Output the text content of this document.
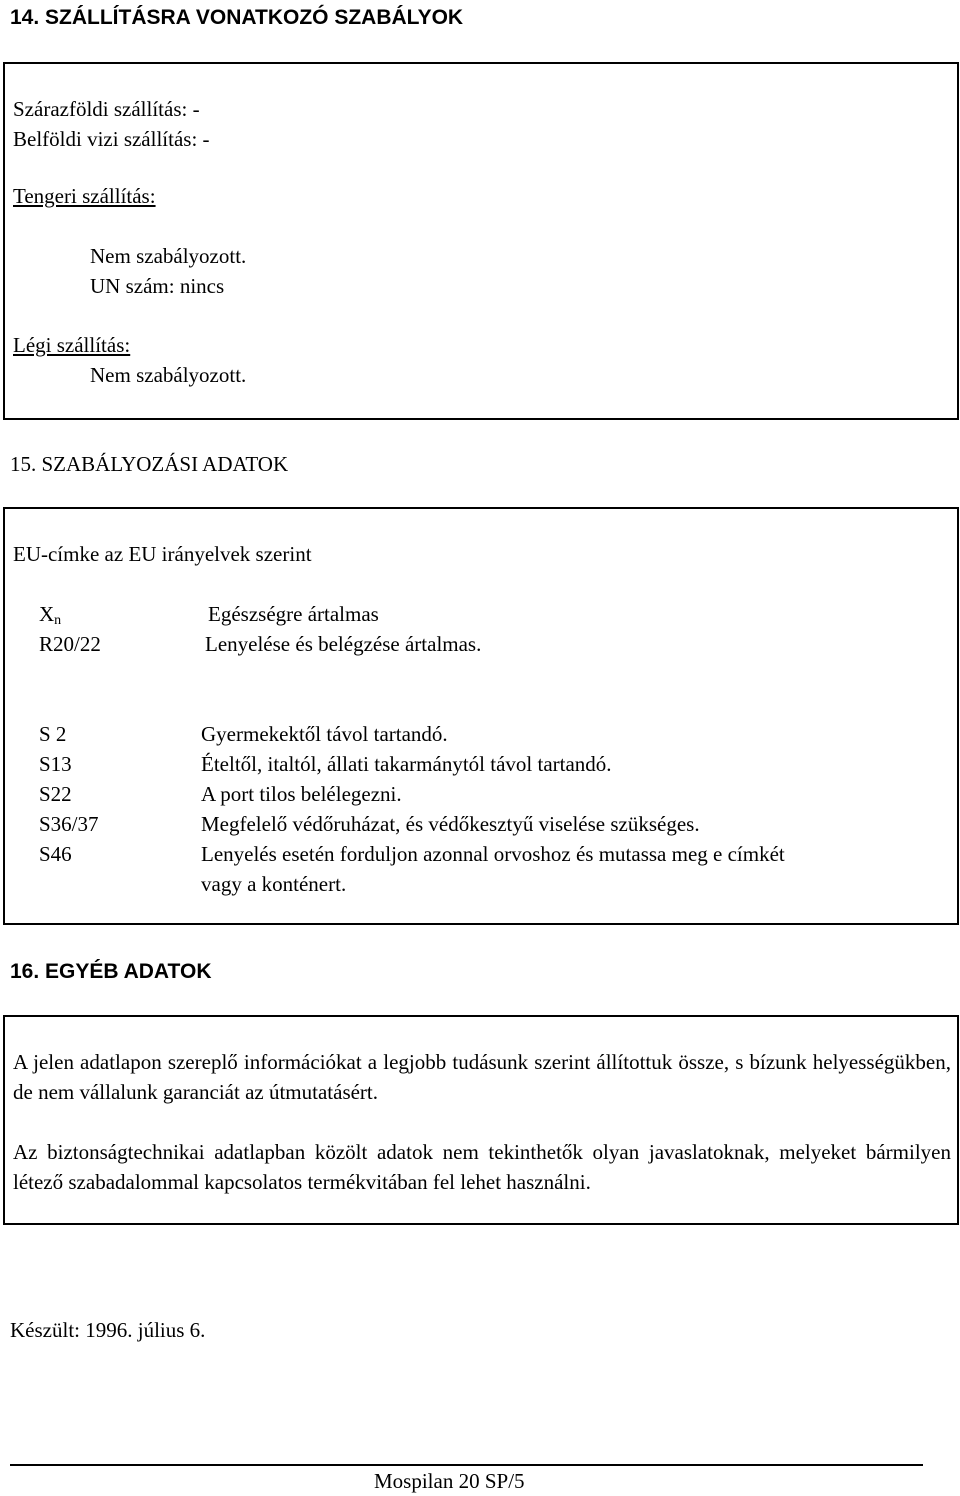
14. SZÁLLÍTÁSRA VONATKOZÓ SZABÁLYOK
Szárazföldi szállítás: -
Belföldi vizi szállítás: -
Tengeri szállítás:
Nem szabályozott.
UN szám: nincs
Légi szállítás:
Nem szabályozott.
15. SZABÁLYOZÁSI ADATOK
EU-címke az EU irányelvek szerint
$X_n$	Egészségre ártalmas
R20/22	Lenyelése és belégzése ártalmas.
S 2	Gyermekektől távol tartandó.
S13	Ételtől, italtól, állati takarmánytól távol tartandó.
S22	A port tilos belélegezni.
S36/37	Megfelelő védőruházat, és védőkesztyű viselése szükséges.
S46	Lenyelés esetén forduljon azonnal orvoshoz és mutassa meg e címkét
vagy a konténert.
16. EGYÉB ADATOK
A jelen adatlapon szereplő információkat a legjobb tudásunk szerint állítottuk össze, s bízunk helyességükben, de nem vállalunk garanciát az útmutatásért.
Az biztonságtechnikai adatlapban közölt adatok nem tekinthetők olyan javaslatoknak, melyeket bármilyen létező szabadalommal kapcsolatos termékvitában fel lehet használni.
Készült: 1996. július 6.
Mospilan 20 SP/5
